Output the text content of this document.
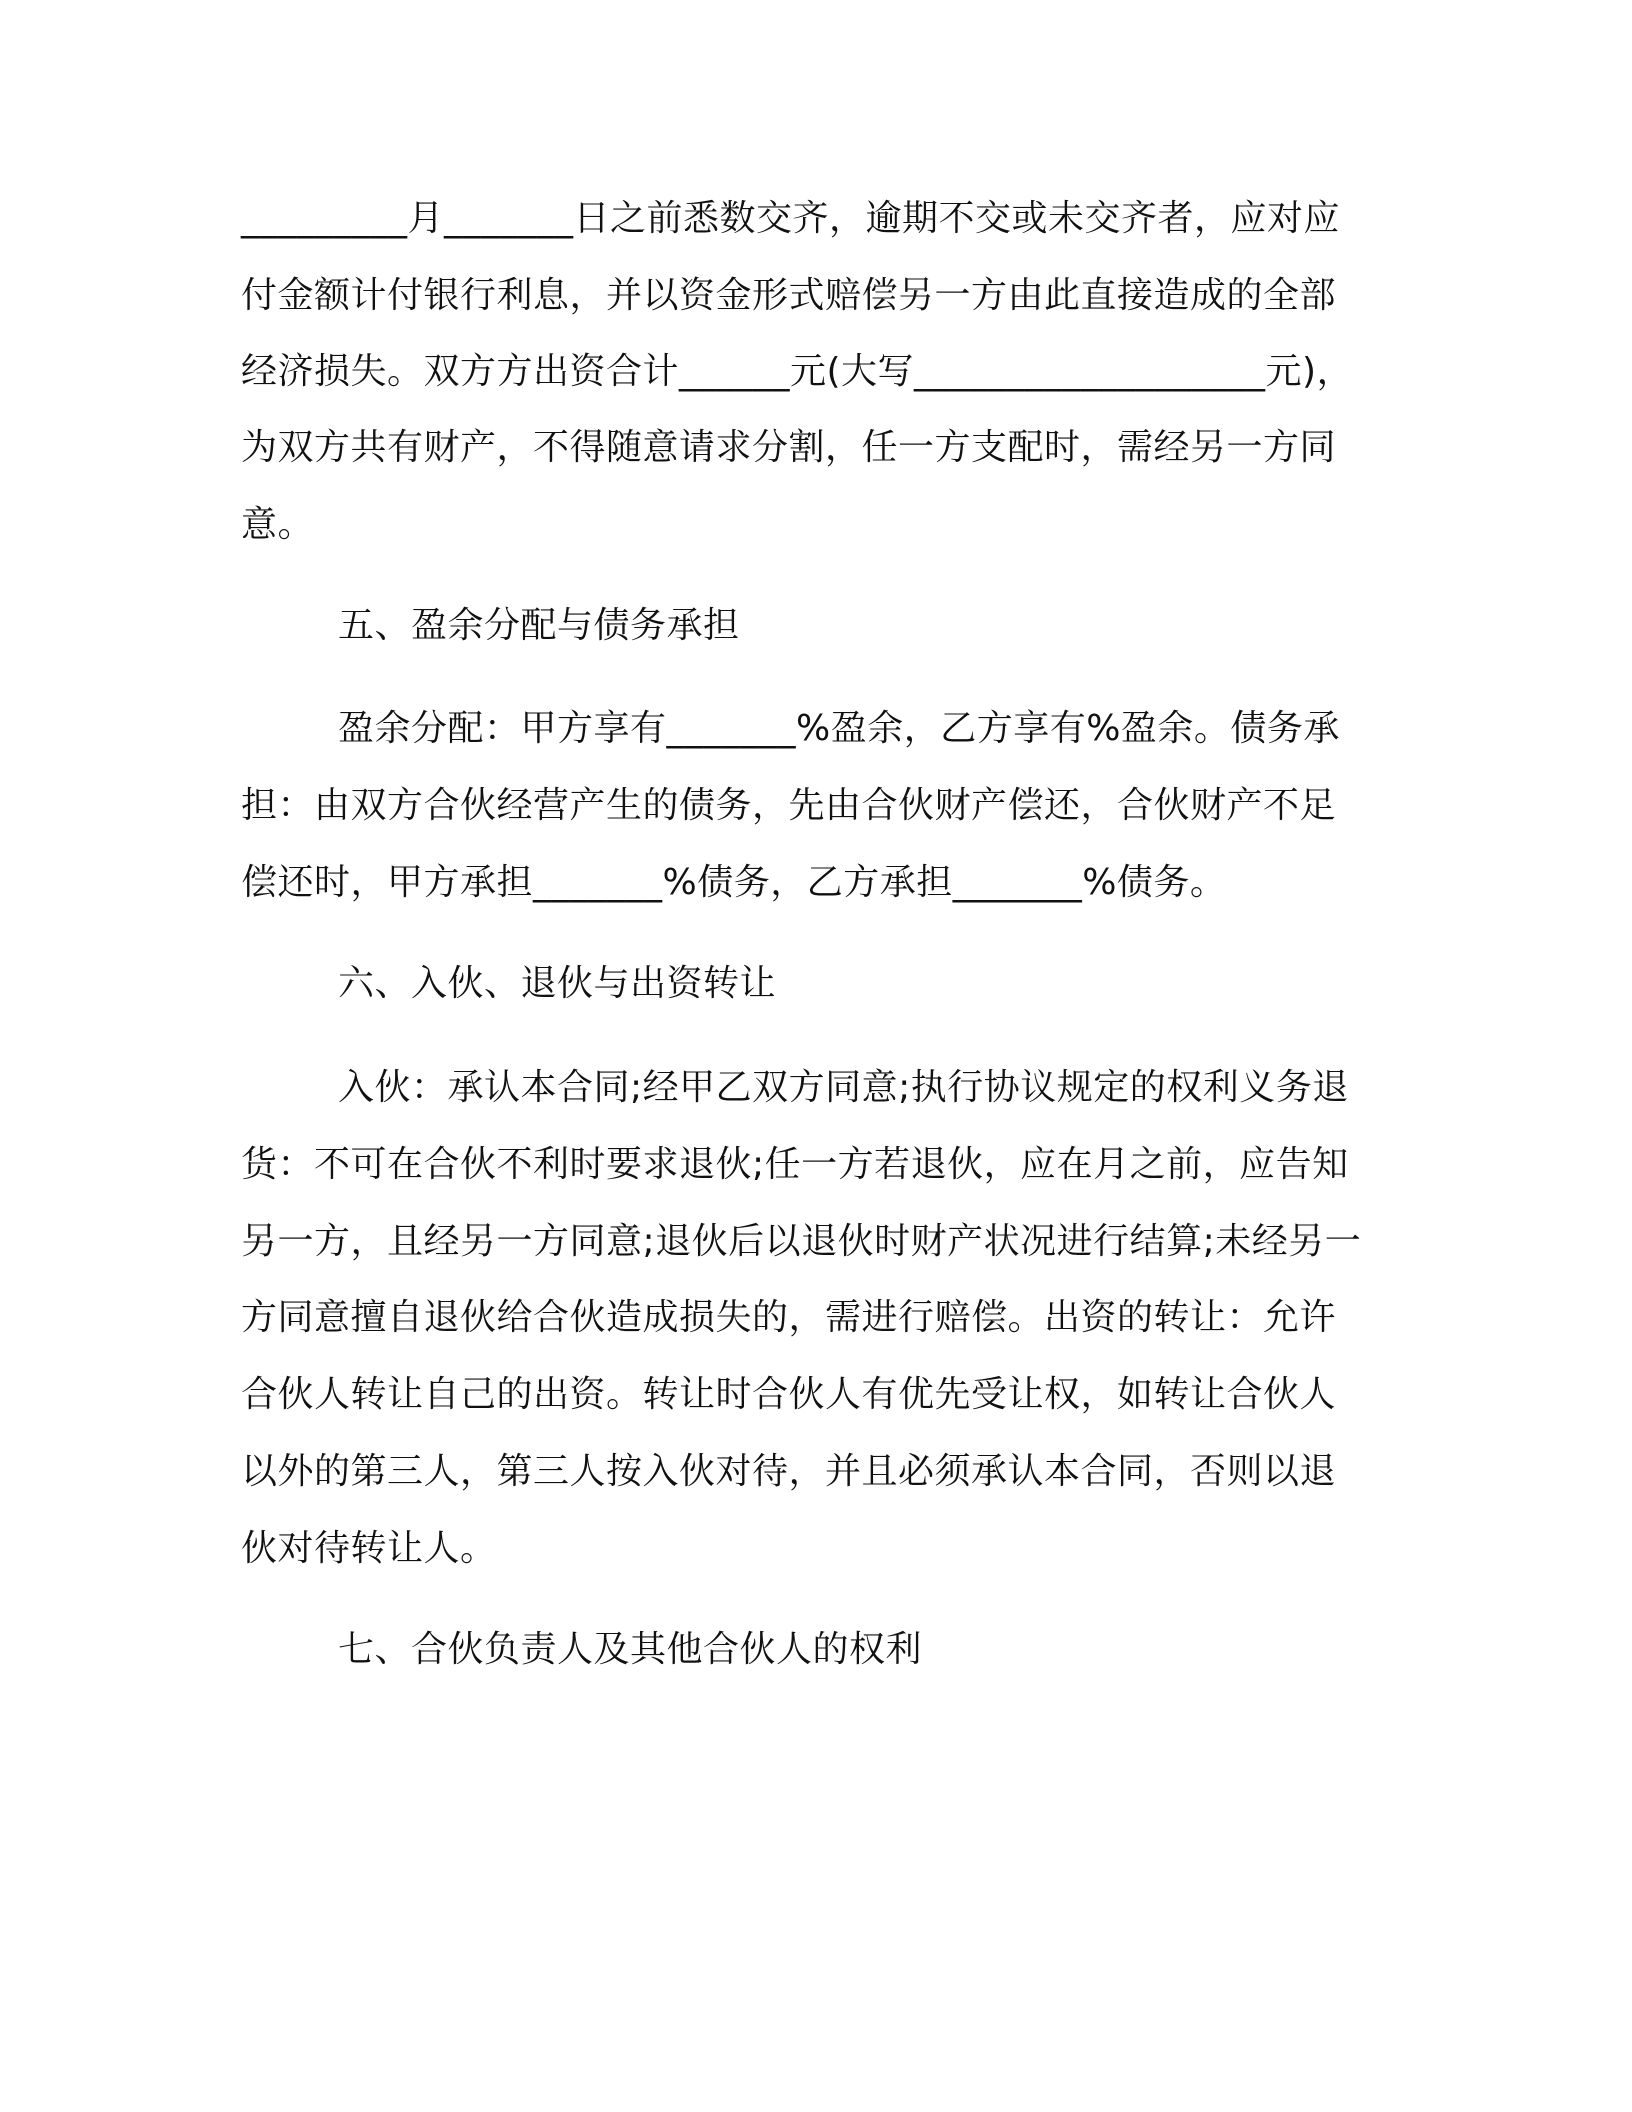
_________月_______日之前悉数交齐，逾期不交或未交齐者，应对应
付金额计付银行利息，并以资金形式赔偿另一方由此直接造成的全部
经济损失。双方方出资合计______元(大写___________________元)，
为双方共有财产，不得随意请求分割，任一方支配时，需经另一方同
意。
五、盈余分配与债务承担
盈余分配：甲方享有_______%盈余，乙方享有%盈余。债务承
担：由双方合伙经营产生的债务，先由合伙财产偿还，合伙财产不足
偿还时，甲方承担_______%债务，乙方承担_______%债务。
六、入伙、退伙与出资转让
入伙：承认本合同;经甲乙双方同意;执行协议规定的权利义务退
货：不可在合伙不利时要求退伙;任一方若退伙，应在月之前，应告知
另一方，且经另一方同意;退伙后以退伙时财产状况进行结算;未经另一
方同意擅自退伙给合伙造成损失的，需进行赔偿。出资的转让：允许
合伙人转让自己的出资。转让时合伙人有优先受让权，如转让合伙人
以外的第三人，第三人按入伙对待，并且必须承认本合同，否则以退
伙对待转让人。
七、合伙负责人及其他合伙人的权利
